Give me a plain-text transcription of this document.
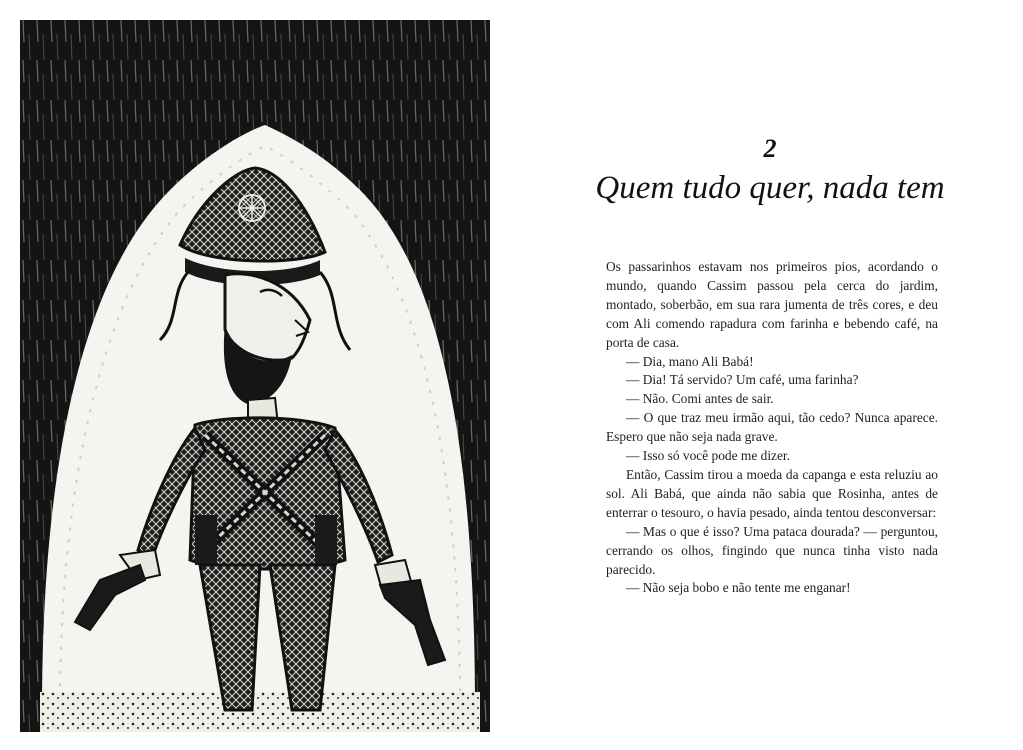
2
Quem tudo quer, nada tem

Os passarinhos estavam nos primeiros pios, acordando o mundo, quando Cassim passou pela cerca do jardim, montado, soberbão, em sua rara jumenta de três cores, e deu com Ali comendo rapadura com farinha e bebendo café, na porta de casa.

— Dia, mano Ali Babá!

— Dia! Tá servido? Um café, uma farinha?

— Não. Comi antes de sair.

— O que traz meu irmão aqui, tão cedo? Nunca aparece. Espero que não seja nada grave.

— Isso só você pode me dizer.

Então, Cassim tirou a moeda da capanga e esta reluziu ao sol. Ali Babá, que ainda não sabia que Rosinha, antes de enterrar o tesouro, o havia pesado, ainda tentou desconversar:

— Mas o que é isso? Uma pataca dourada? — perguntou, cerrando os olhos, fingindo que nunca tinha visto nada parecido.

— Não seja bobo e não tente me enganar!
